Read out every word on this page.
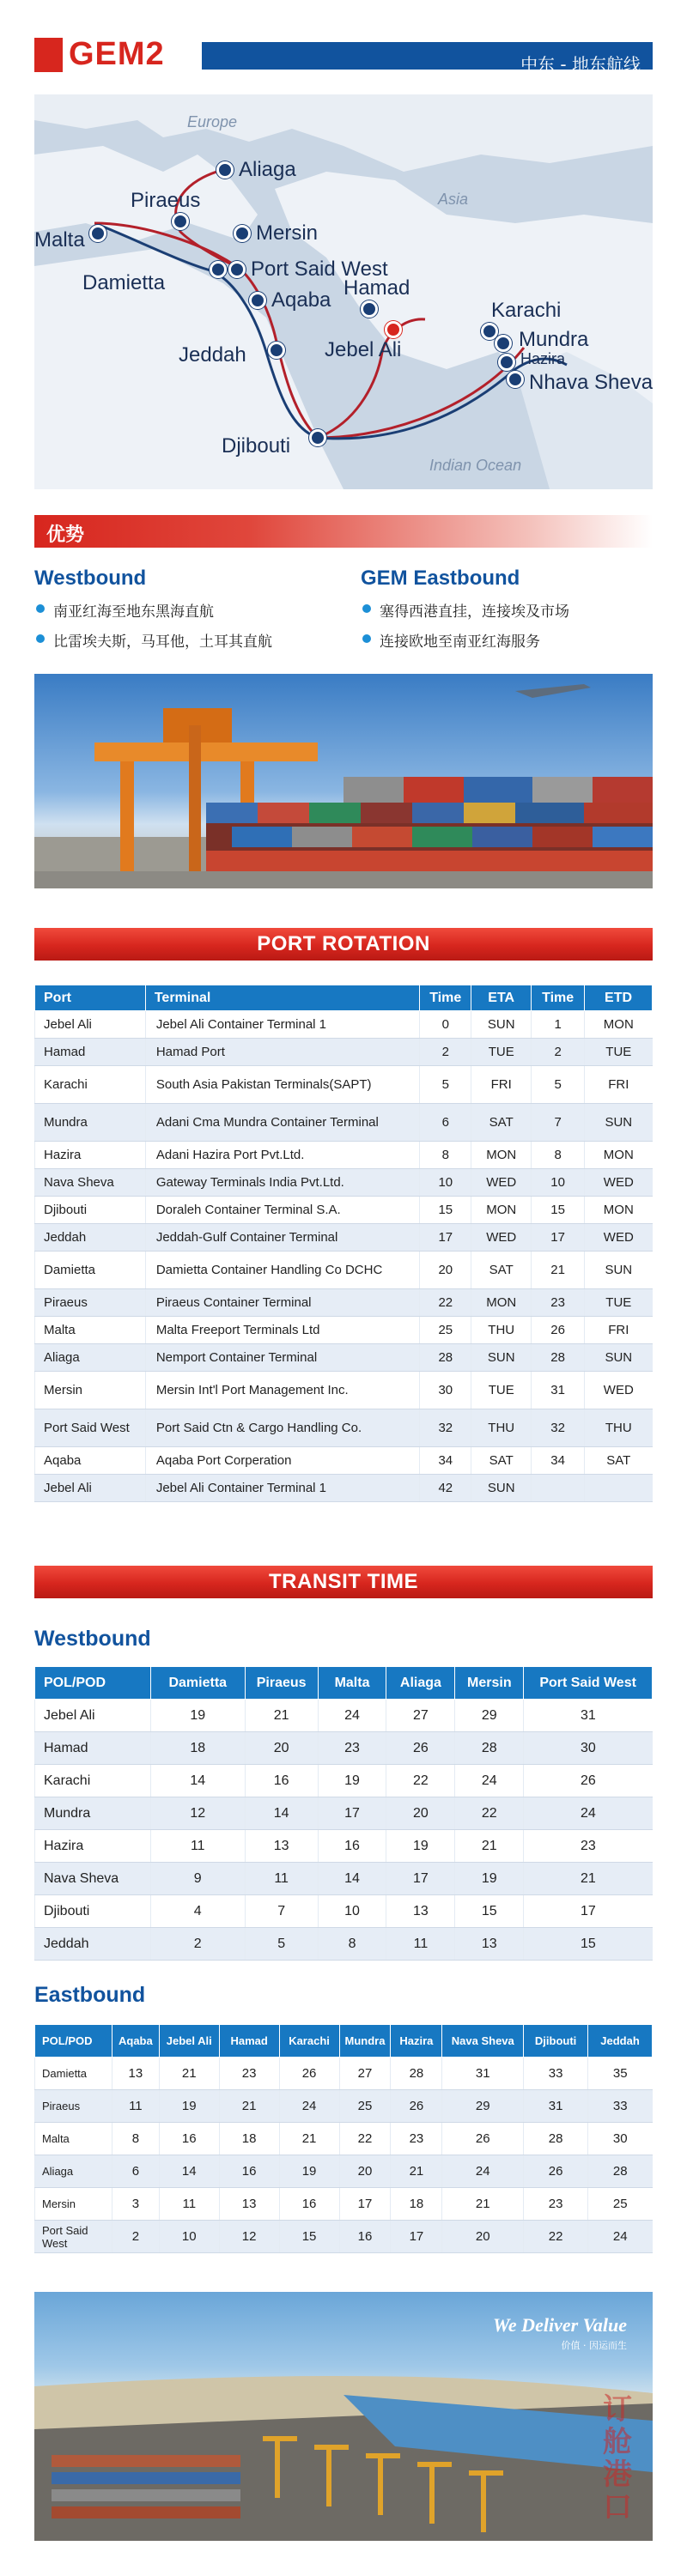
GEM2	中东 - 地东航线
Europe
Asia
Indian Ocean
Aliaga
Piraeus
Malta	Mersin
Port Said West
Damietta
Aqaba
Hamad
Jebel Ali
Jeddah
Karachi
Mundra
Hazira
Nhava Sheva
Djibouti
优势
Westbound
南亚红海至地东黑海直航
比雷埃夫斯，马耳他，土耳其直航
GEM Eastbound
塞得西港直挂，连接埃及市场
连接欧地至南亚红海服务
PORT ROTATION
Port	Terminal	Time	ETA	Time	ETD
Jebel Ali	Jebel Ali Container Terminal 1	0	SUN	1	MON
Hamad	Hamad Port	2	TUE	2	TUE
Karachi	South Asia Pakistan Terminals(SAPT)	5	FRI	5	FRI
Mundra	Adani Cma Mundra Container Terminal	6	SAT	7	SUN
Hazira	Adani Hazira Port Pvt.Ltd.	8	MON	8	MON
Nava Sheva	Gateway Terminals India Pvt.Ltd.	10	WED	10	WED
Djibouti	Doraleh Container Terminal S.A.	15	MON	15	MON
Jeddah	Jeddah-Gulf Container Terminal	17	WED	17	WED
Damietta	Damietta Container Handling Co DCHC	20	SAT	21	SUN
Piraeus	Piraeus Container Terminal	22	MON	23	TUE
Malta	Malta Freeport Terminals Ltd	25	THU	26	FRI
Aliaga	Nemport Container Terminal	28	SUN	28	SUN
Mersin	Mersin Int'l Port Management Inc.	30	TUE	31	WED
Port Said West	Port Said Ctn & Cargo Handling Co.	32	THU	32	THU
Aqaba	Aqaba Port Corperation	34	SAT	34	SAT
Jebel Ali	Jebel Ali Container Terminal 1	42	SUN		
TRANSIT TIME
Westbound
POL/POD	Damietta	Piraeus	Malta	Aliaga	Mersin	Port Said West
Jebel Ali	19	21	24	27	29	31
Hamad	18	20	23	26	28	30
Karachi	14	16	19	22	24	26
Mundra	12	14	17	20	22	24
Hazira	11	13	16	19	21	23
Nava Sheva	9	11	14	17	19	21
Djibouti	4	7	10	13	15	17
Jeddah	2	5	8	11	13	15
Eastbound
POL/POD	Aqaba	Jebel Ali	Hamad	Karachi	Mundra	Hazira	Nava Sheva	Djibouti	Jeddah
Damietta	13	21	23	26	27	28	31	33	35
Piraeus	11	19	21	24	25	26	29	31	33
Malta	8	16	18	21	22	23	26	28	30
Aliaga	6	14	16	19	20	21	24	26	28
Mersin	3	11	13	16	17	18	21	23	25
Port Said West	2	10	12	15	16	17	20	22	24
We Deliver Value
价值 · 因运而生
订
舱
港
口
